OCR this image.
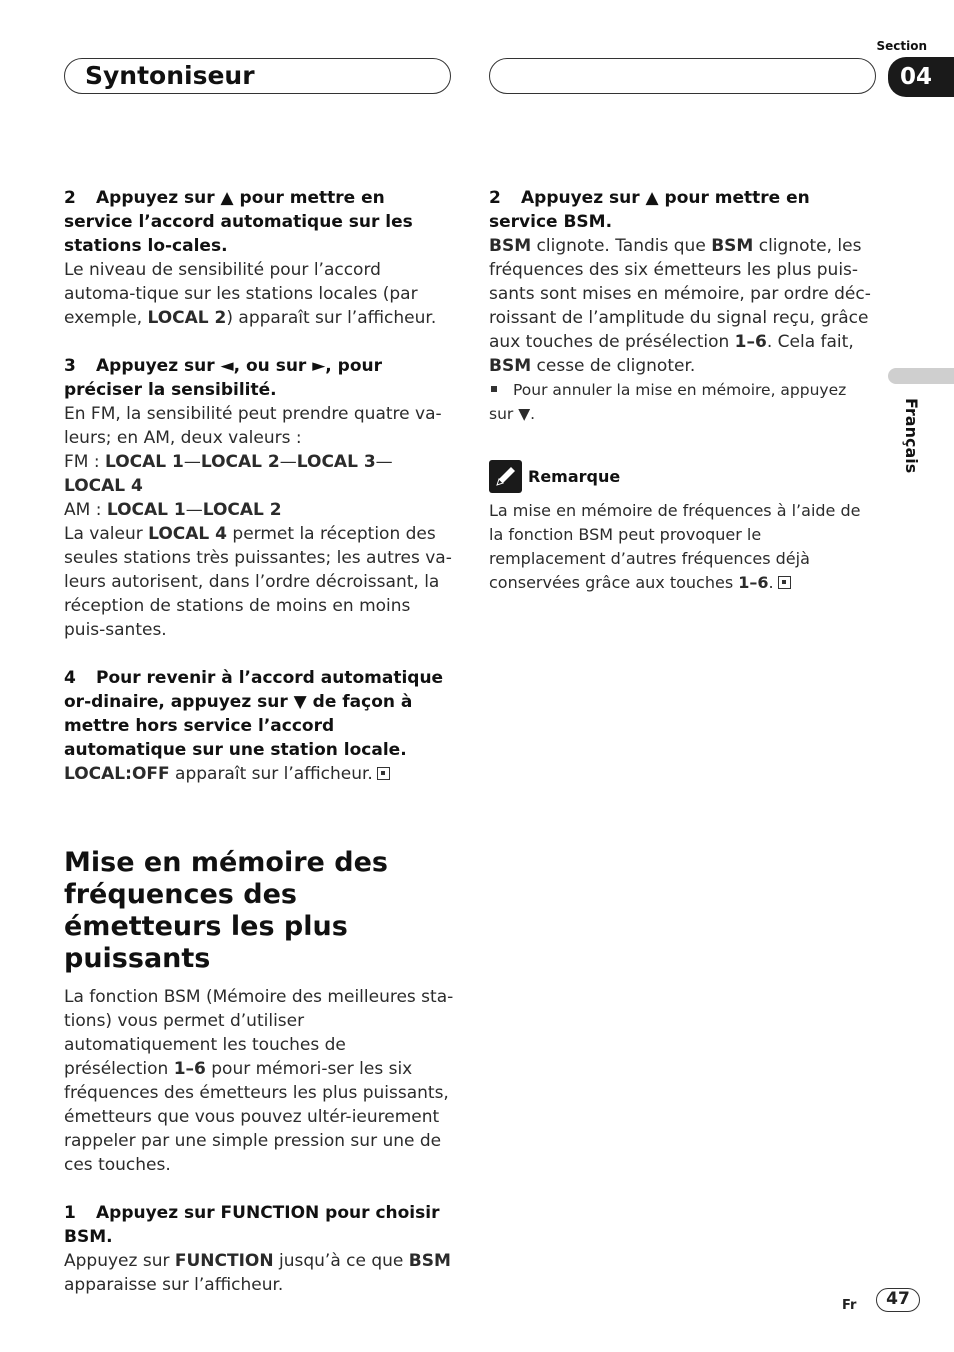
Syntoniseur
Section
04
Français

2 Appuyez sur ▲ pour mettre en service l’accord automatique sur les stations lo-cales.

Le niveau de sensibilité pour l’accord automa-tique sur les stations locales (par exemple, LOCAL 2) apparaît sur l’afficheur.

3 Appuyez sur ◄, ou sur ►, pour préciser la sensibilité.

En FM, la sensibilité peut prendre quatre va-leurs; en AM, deux valeurs :

FM : LOCAL 1—LOCAL 2—LOCAL 3—
LOCAL 4

AM : LOCAL 1—LOCAL 2

La valeur LOCAL 4 permet la réception des seules stations très puissantes; les autres va-leurs autorisent, dans l’ordre décroissant, la réception de stations de moins en moins puis-santes.

4 Pour revenir à l’accord automatique or-dinaire, appuyez sur ▼ de façon à mettre hors service l’accord automatique sur une station locale.

LOCAL:OFF apparaît sur l’afficheur.

Mise en mémoire des fréquences des émetteurs les plus puissants

La fonction BSM (Mémoire des meilleures sta-tions) vous permet d’utiliser automatiquement les touches de présélection 1–6 pour mémori-ser les six fréquences des émetteurs les plus puissants, émetteurs que vous pouvez ultér-ieurement rappeler par une simple pression sur une de ces touches.

1 Appuyez sur FUNCTION pour choisir BSM.

Appuyez sur FUNCTION jusqu’à ce que BSM apparaisse sur l’afficheur.

2 Appuyez sur ▲ pour mettre en service BSM.

BSM clignote. Tandis que BSM clignote, les fréquences des six émetteurs les plus puis-sants sont mises en mémoire, par ordre déc-roissant de l’amplitude du signal reçu, grâce aux touches de présélection 1–6. Cela fait, BSM cesse de clignoter.

Pour annuler la mise en mémoire, appuyez sur ▼.

Remarque

La mise en mémoire de fréquences à l’aide de la fonction BSM peut provoquer le remplacement d’autres fréquences déjà conservées grâce aux touches 1–6.

Fr	47
